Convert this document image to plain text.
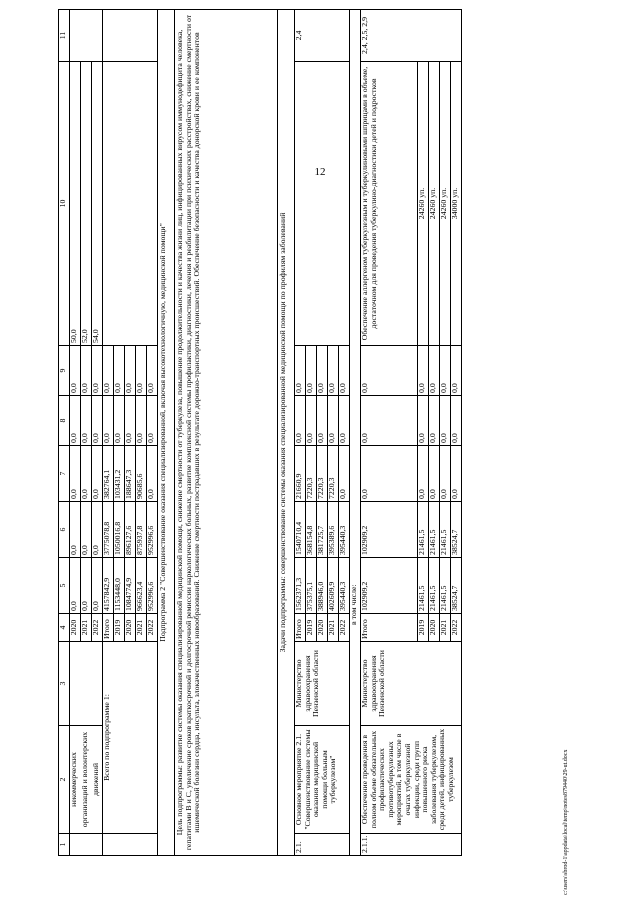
12
1	2	3	4	5	6	7	8	9	10	11
	некоммерческих		2020	0,0	0,0	0,0	0,0	0,0	50,0	
	организаций и волонтерских		2021	0,0	0,0	0,0	0,0	0,0	52,0	
	движений		2022	0,0	0,0	0,0	0,0	0,0	54,0	
	Всего по подпрограмме 1:		Итого	4157842,9	3775078,8	382764,1	0,0	0,0		
			2019	1153448,0	1050016,8	103431,2	0,0	0,0		
			2020	1084774,9	896127,6	188647,3	0,0	0,0		
			2021	966623,4	875937,8	90685,6	0,0	0,0		
			2022	952996,6	952996,6	0,0	0,0	0,0		
Подпрограмма 2 "Совершенствование оказания специализированной, включая высокотехнологичную, медицинской помощи"										
Цель подпрограммы: развитие системы оказания специализированной медицинской помощи, снижение смертности от туберкулеза, повышение продолжительности и качества жизни лиц, инфицированных вирусом иммунодефицита человека, гепатитами B и C, увеличение сроков краткосрочной и долгосрочной ремиссии наркологических больных, развитие комплексной системы профилактики, диагностики, лечения и реабилитации при психических расстройствах, снижение смертности от ишемической болезни сердца, инсульта, злокачественных новообразований. Снижение смертности пострадавших в результате дорожно-транспортных происшествий. Обеспечение безопасности и качества донорской крови и ее компонентов										
Задачи подпрограммы: совершенствование системы оказания специализированной медицинской помощи по профилям заболеваний										
2.1.	Основное мероприятие 2.1. "Совершенствование системы оказания медицинской помощи больным туберкулезом"	Министерство здравоохранения Пензенской области	Итого	1562371,3	1540710,4	21660,9	0,0	0,0		2,4
			2019	375375,1	368154,8	7220,3	0,0	0,0		
			2020	388946,0	381725,7	7220,3	0,0	0,0		
			2021	402609,9	395389,6	7220,3	0,0	0,0		
			2022	395440,3	395440,3	0,0	0,0	0,0		
в том числе:										
2.1.1.	Обеспечение проведения в полном объеме обязательных профилактических противотуберкулезных мероприятий, в том числе в очагах туберкулезной инфекции, среди групп повышенного риска заболевания туберкулезом, среди детей, инфицированных туберкулезом	Министерство здравоохранения Пензенской области	Итого	102909,2	102909,2	0,0	0,0	0,0	Обеспечение аллергеном туберкулезным и туберкулиновыми шприцами в объеме, достаточном для проведения туберкулино-диагностики детей и подростков	2,4, 2,5, 2,9
			2019	21461,5	21461,5	0,0	0,0	0,0	24260 уп.	
			2020	21461,5	21461,5	0,0	0,0	0,0	24260 уп.	
			2021	21461,5	21461,5	0,0	0,0	0,0	24260 уп.	
			2022	38524,7	38524,7	0,0	0,0	0,0	34000 уп.	
c:\users\sbrod-1\appdata\local\temp\notes879440\29-ut.docx
